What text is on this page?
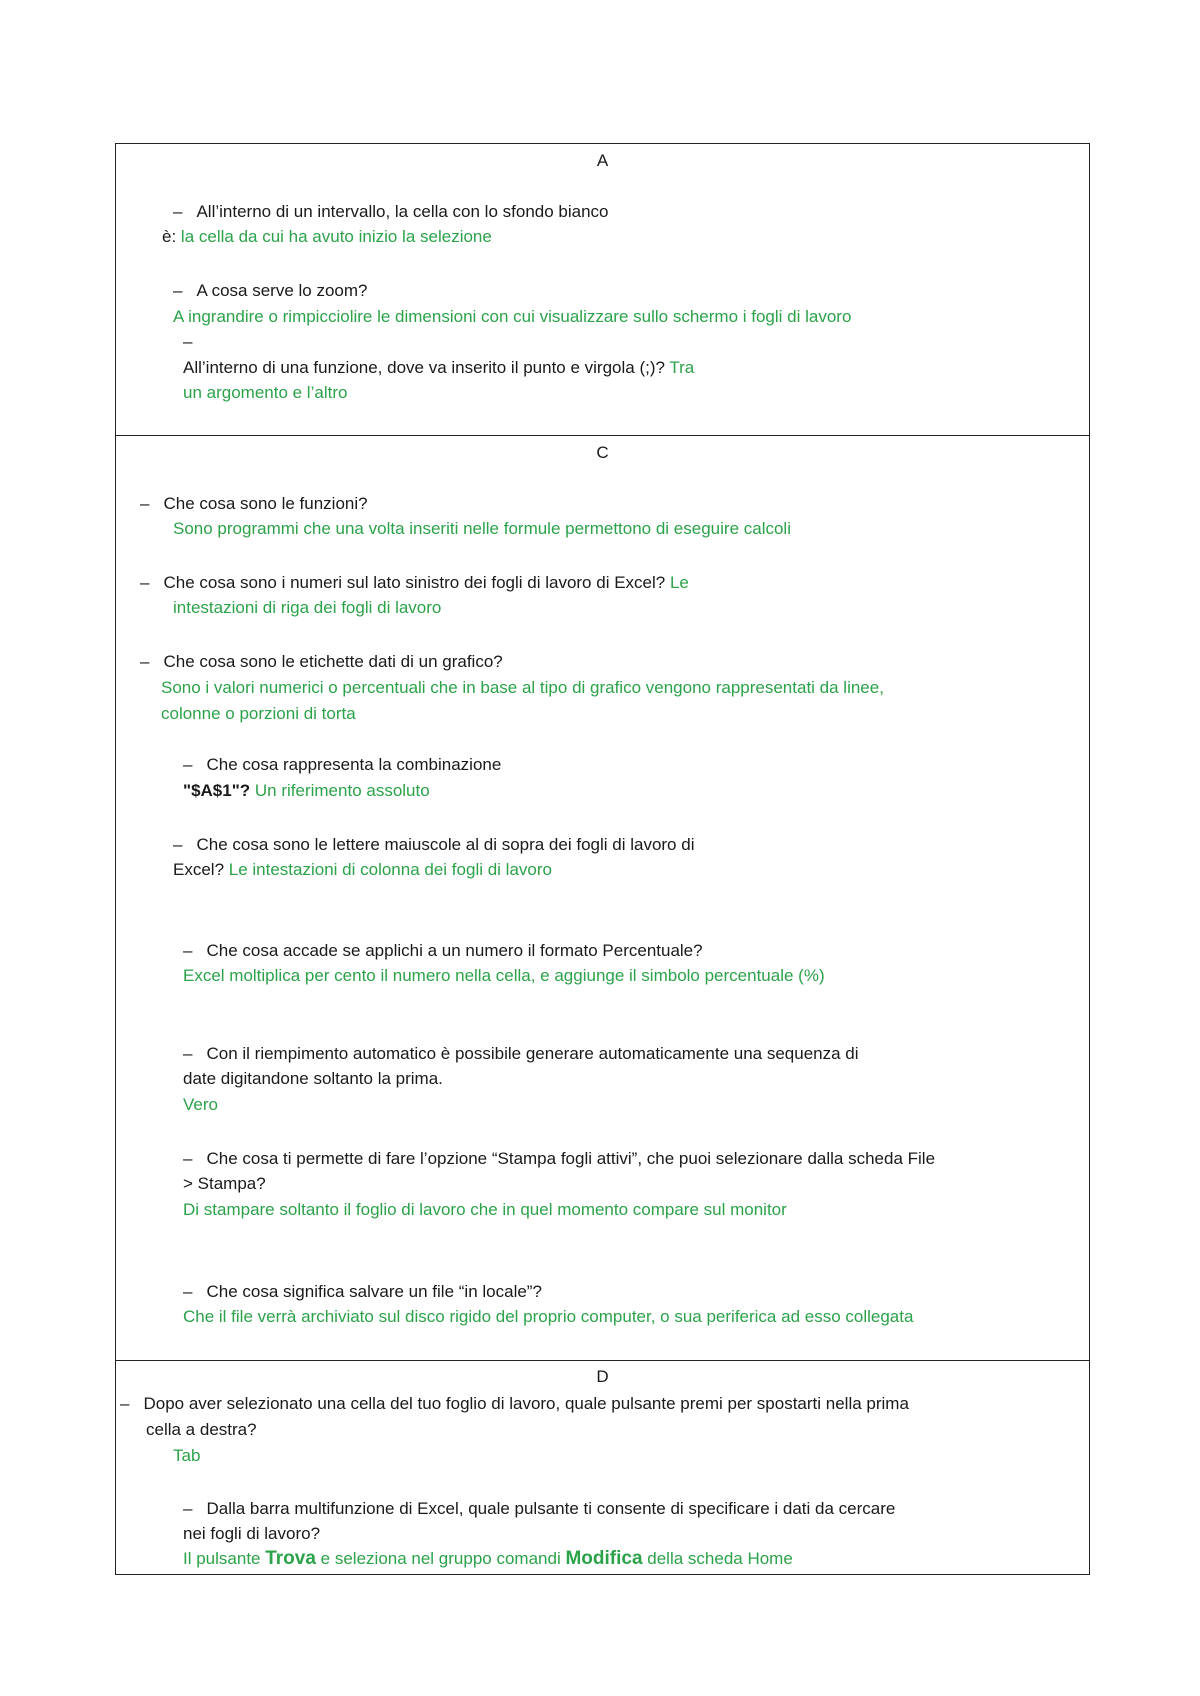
A
– All’interno di un intervallo, la cella con lo sfondo bianco
è: la cella da cui ha avuto inizio la selezione
– A cosa serve lo zoom?
A ingrandire o rimpicciolire le dimensioni con cui visualizzare sullo schermo i fogli di lavoro
–
All’interno di una funzione, dove va inserito il punto e virgola (;)? Tra
un argomento e l’altro
C
– Che cosa sono le funzioni?
Sono programmi che una volta inseriti nelle formule permettono di eseguire calcoli
– Che cosa sono i numeri sul lato sinistro dei fogli di lavoro di Excel? Le
intestazioni di riga dei fogli di lavoro
– Che cosa sono le etichette dati di un grafico?
Sono i valori numerici o percentuali che in base al tipo di grafico vengono rappresentati da linee,
colonne o porzioni di torta
– Che cosa rappresenta la combinazione
"$A$1"? Un riferimento assoluto
– Che cosa sono le lettere maiuscole al di sopra dei fogli di lavoro di
Excel? Le intestazioni di colonna dei fogli di lavoro
– Che cosa accade se applichi a un numero il formato Percentuale?
Excel moltiplica per cento il numero nella cella, e aggiunge il simbolo percentuale (%)
– Con il riempimento automatico è possibile generare automaticamente una sequenza di
date digitandone soltanto la prima.
Vero
– Che cosa ti permette di fare l’opzione “Stampa fogli attivi”, che puoi selezionare dalla scheda File
> Stampa?
Di stampare soltanto il foglio di lavoro che in quel momento compare sul monitor
– Che cosa significa salvare un file “in locale”?
Che il file verrà archiviato sul disco rigido del proprio computer, o sua periferica ad esso collegata
D
– Dopo aver selezionato una cella del tuo foglio di lavoro, quale pulsante premi per spostarti nella prima
cella a destra?
Tab
– Dalla barra multifunzione di Excel, quale pulsante ti consente di specificare i dati da cercare
nei fogli di lavoro?
Il pulsante Trova e seleziona nel gruppo comandi Modifica della scheda Home
